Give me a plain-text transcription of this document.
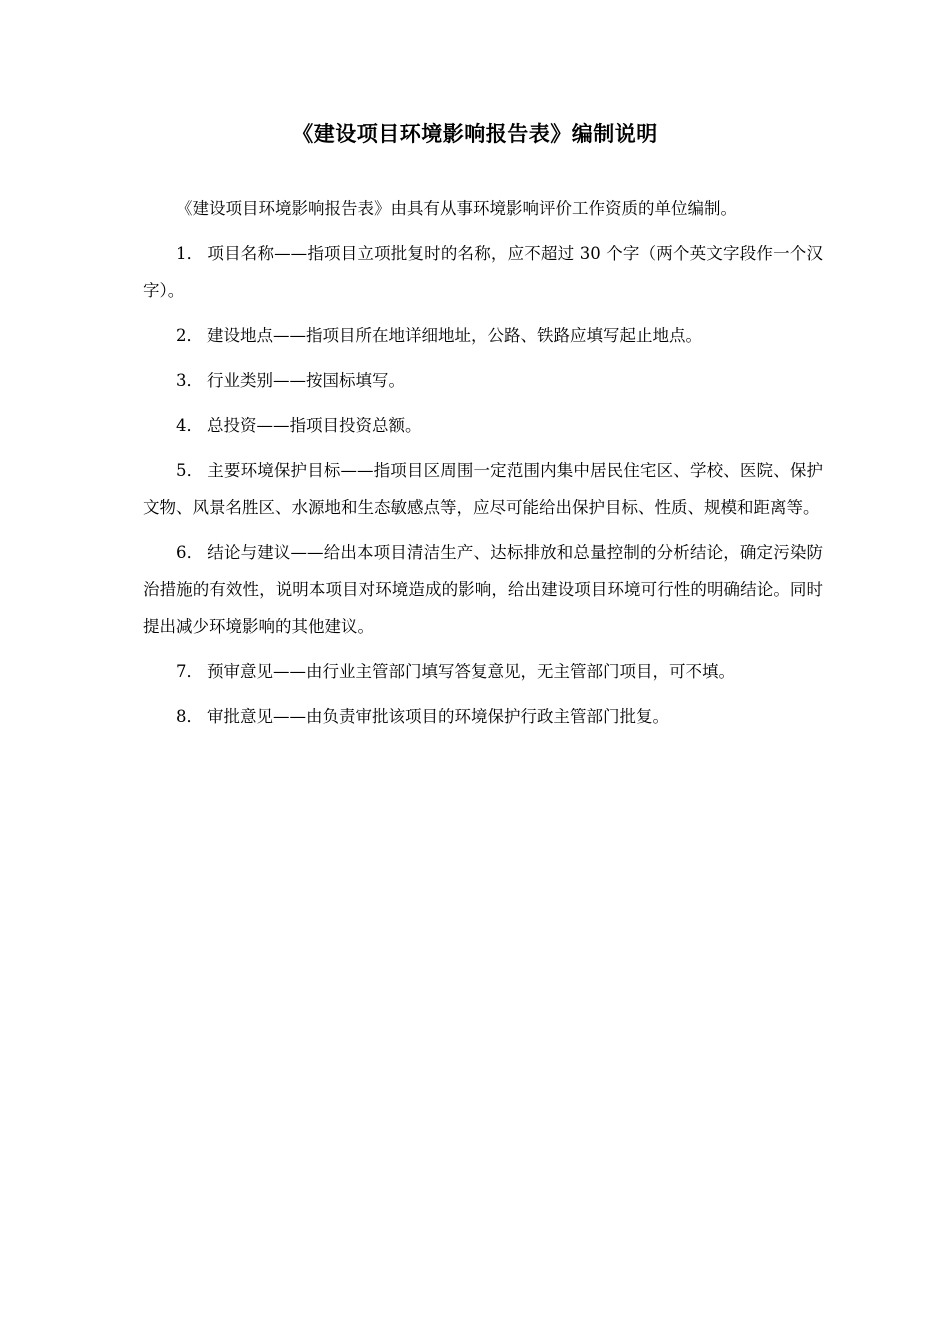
《建设项目环境影响报告表》编制说明

《建设项目环境影响报告表》由具有从事环境影响评价工作资质的单位编制。

1． 项目名称——指项目立项批复时的名称，应不超过 30 个字（两个英文字段作一个汉字）。

2． 建设地点——指项目所在地详细地址，公路、铁路应填写起止地点。

3． 行业类别——按国标填写。

4． 总投资——指项目投资总额。

5． 主要环境保护目标——指项目区周围一定范围内集中居民住宅区、学校、医院、保护文物、风景名胜区、水源地和生态敏感点等，应尽可能给出保护目标、性质、规模和距离等。

6． 结论与建议——给出本项目清洁生产、达标排放和总量控制的分析结论，确定污染防治措施的有效性，说明本项目对环境造成的影响，给出建设项目环境可行性的明确结论。同时提出减少环境影响的其他建议。

7． 预审意见——由行业主管部门填写答复意见，无主管部门项目，可不填。

8． 审批意见——由负责审批该项目的环境保护行政主管部门批复。
